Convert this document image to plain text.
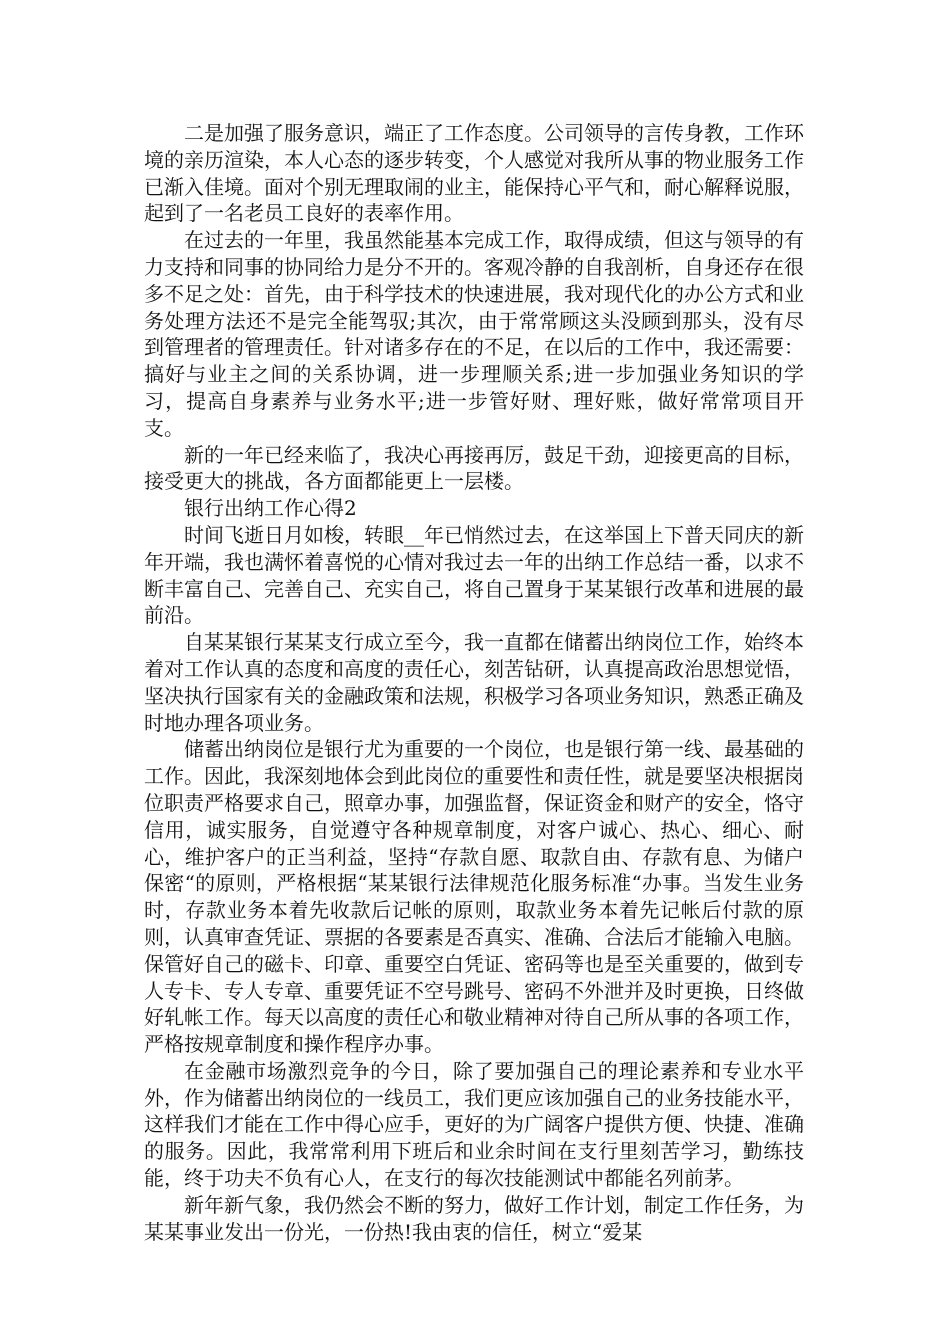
二是加强了服务意识，端正了工作态度。公司领导的言传身教，工作环境的亲历渲染，本人心态的逐步转变，个人感觉对我所从事的物业服务工作已渐入佳境。面对个别无理取闹的业主，能保持心平气和，耐心解释说服，起到了一名老员工良好的表率作用。

在过去的一年里，我虽然能基本完成工作，取得成绩，但这与领导的有力支持和同事的协同给力是分不开的。客观冷静的自我剖析，自身还存在很多不足之处：首先，由于科学技术的快速进展，我对现代化的办公方式和业务处理方法还不是完全能驾驭;其次，由于常常顾这头没顾到那头，没有尽到管理者的管理责任。针对诸多存在的不足，在以后的工作中，我还需要：搞好与业主之间的关系协调，进一步理顺关系;进一步加强业务知识的学习，提高自身素养与业务水平;进一步管好财、理好账，做好常常项目开支。

新的一年已经来临了，我决心再接再厉，鼓足干劲，迎接更高的目标，接受更大的挑战，各方面都能更上一层楼。

银行出纳工作心得2

时间飞逝日月如梭，转眼__年已悄然过去，在这举国上下普天同庆的新年开端，我也满怀着喜悦的心情对我过去一年的出纳工作总结一番，以求不断丰富自己、完善自己、充实自己，将自己置身于某某银行改革和进展的最前沿。

自某某银行某某支行成立至今，我一直都在储蓄出纳岗位工作，始终本着对工作认真的态度和高度的责任心，刻苦钻研，认真提高政治思想觉悟，坚决执行国家有关的金融政策和法规，积极学习各项业务知识，熟悉正确及时地办理各项业务。

储蓄出纳岗位是银行尤为重要的一个岗位，也是银行第一线、最基础的工作。因此，我深刻地体会到此岗位的重要性和责任性，就是要坚决根据岗位职责严格要求自己，照章办事，加强监督，保证资金和财产的安全，恪守信用，诚实服务，自觉遵守各种规章制度，对客户诚心、热心、细心、耐心，维护客户的正当利益，坚持“存款自愿、取款自由、存款有息、为储户保密“的原则，严格根据“某某银行法律规范化服务标准“办事。当发生业务时，存款业务本着先收款后记帐的原则，取款业务本着先记帐后付款的原则，认真审查凭证、票据的各要素是否真实、准确、合法后才能输入电脑。保管好自己的磁卡、印章、重要空白凭证、密码等也是至关重要的，做到专人专卡、专人专章、重要凭证不空号跳号、密码不外泄并及时更换，日终做好轧帐工作。每天以高度的责任心和敬业精神对待自己所从事的各项工作，严格按规章制度和操作程序办事。

在金融市场激烈竞争的今日，除了要加强自己的理论素养和专业水平外，作为储蓄出纳岗位的一线员工，我们更应该加强自己的业务技能水平，这样我们才能在工作中得心应手，更好的为广阔客户提供方便、快捷、准确的服务。因此，我常常利用下班后和业余时间在支行里刻苦学习，勤练技能，终于功夫不负有心人，在支行的每次技能测试中都能名列前茅。

新年新气象，我仍然会不断的努力，做好工作计划，制定工作任务，为某某事业发出一份光，一份热!我由衷的信任，树立“爱某
